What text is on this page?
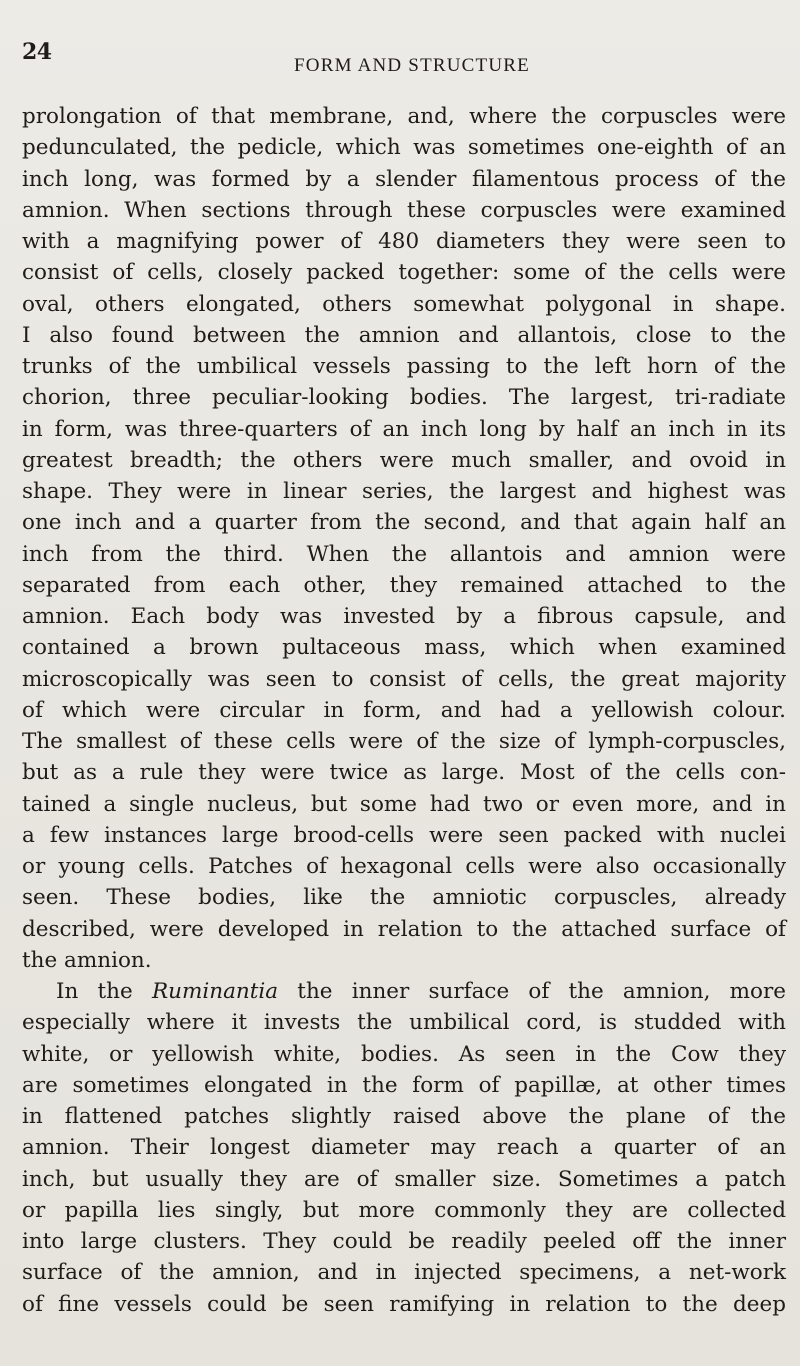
24
FORM AND STRUCTURE
prolongation of that membrane, and, where the corpuscles were
pedunculated, the pedicle, which was sometimes one-eighth of an
inch long, was formed by a slender filamentous process of the
amnion. When sections through these corpuscles were examined
with a magnifying power of 480 diameters they were seen to
consist of cells, closely packed together: some of the cells were
oval, others elongated, others somewhat polygonal in shape.
I also found between the amnion and allantois, close to the
trunks of the umbilical vessels passing to the left horn of the
chorion, three peculiar-looking bodies. The largest, tri-radiate
in form, was three-quarters of an inch long by half an inch in its
greatest breadth; the others were much smaller, and ovoid in
shape. They were in linear series, the largest and highest was
one inch and a quarter from the second, and that again half an
inch from the third. When the allantois and amnion were
separated from each other, they remained attached to the
amnion. Each body was invested by a fibrous capsule, and
contained a brown pultaceous mass, which when examined
microscopically was seen to consist of cells, the great majority
of which were circular in form, and had a yellowish colour.
The smallest of these cells were of the size of lymph-corpuscles,
but as a rule they were twice as large. Most of the cells con-
tained a single nucleus, but some had two or even more, and in
a few instances large brood-cells were seen packed with nuclei
or young cells. Patches of hexagonal cells were also occasionally
seen. These bodies, like the amniotic corpuscles, already
described, were developed in relation to the attached surface of
the amnion.
In the Ruminantia the inner surface of the amnion, more
especially where it invests the umbilical cord, is studded with
white, or yellowish white, bodies. As seen in the Cow they
are sometimes elongated in the form of papillæ, at other times
in flattened patches slightly raised above the plane of the
amnion. Their longest diameter may reach a quarter of an
inch, but usually they are of smaller size. Sometimes a patch
or papilla lies singly, but more commonly they are collected
into large clusters. They could be readily peeled off the inner
surface of the amnion, and in injected specimens, a net-work
of fine vessels could be seen ramifying in relation to the deep
